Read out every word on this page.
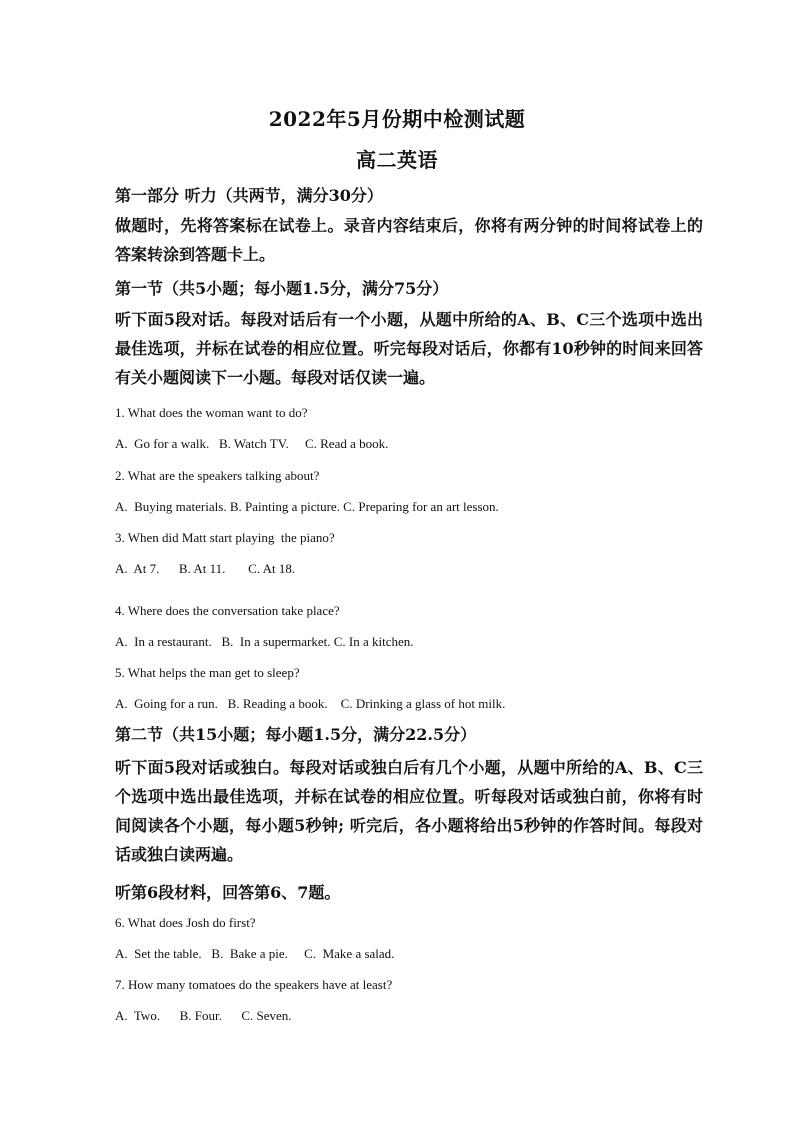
2022年5月份期中检测试题
高二英语
第一部分 听力（共两节，满分30分）
做题时，先将答案标在试卷上。录音内容结束后，你将有两分钟的时间将试卷上的答案转涂到答题卡上。
第一节（共5小题；每小题1.5分，满分75分）
听下面5段对话。每段对话后有一个小题，从题中所给的A、B、C三个选项中选出最佳选项，并标在试卷的相应位置。听完每段对话后，你都有10秒钟的时间来回答有关小题阅读下一小题。每段对话仅读一遍。
1. What does the woman want to do?
A.  Go for a walk.   B. Watch TV.     C. Read a book.
2. What are the speakers talking about?
A.  Buying materials. B. Painting a picture. C. Preparing for an art lesson.
3. When did Matt start playing  the piano?
A.  At 7.      B. At 11.       C. At 18.
4. Where does the conversation take place?
A.  In a restaurant.   B.  In a supermarket. C. In a kitchen.
5. What helps the man get to sleep?
A.  Going for a run.   B. Reading a book.    C. Drinking a glass of hot milk.
第二节（共15小题；每小题1.5分，满分22.5分）
听下面5段对话或独白。每段对话或独白后有几个小题，从题中所给的A、B、C三个选项中选出最佳选项，并标在试卷的相应位置。听每段对话或独白前，你将有时间阅读各个小题，每小题5秒钟; 听完后，各小题将给出5秒钟的作答时间。每段对话或独白读两遍。
听第6段材料，回答第6、7题。
6. What does Josh do first?
A.  Set the table.   B.  Bake a pie.     C.  Make a salad.
7. How many tomatoes do the speakers have at least?
A.  Two.      B. Four.      C. Seven.
